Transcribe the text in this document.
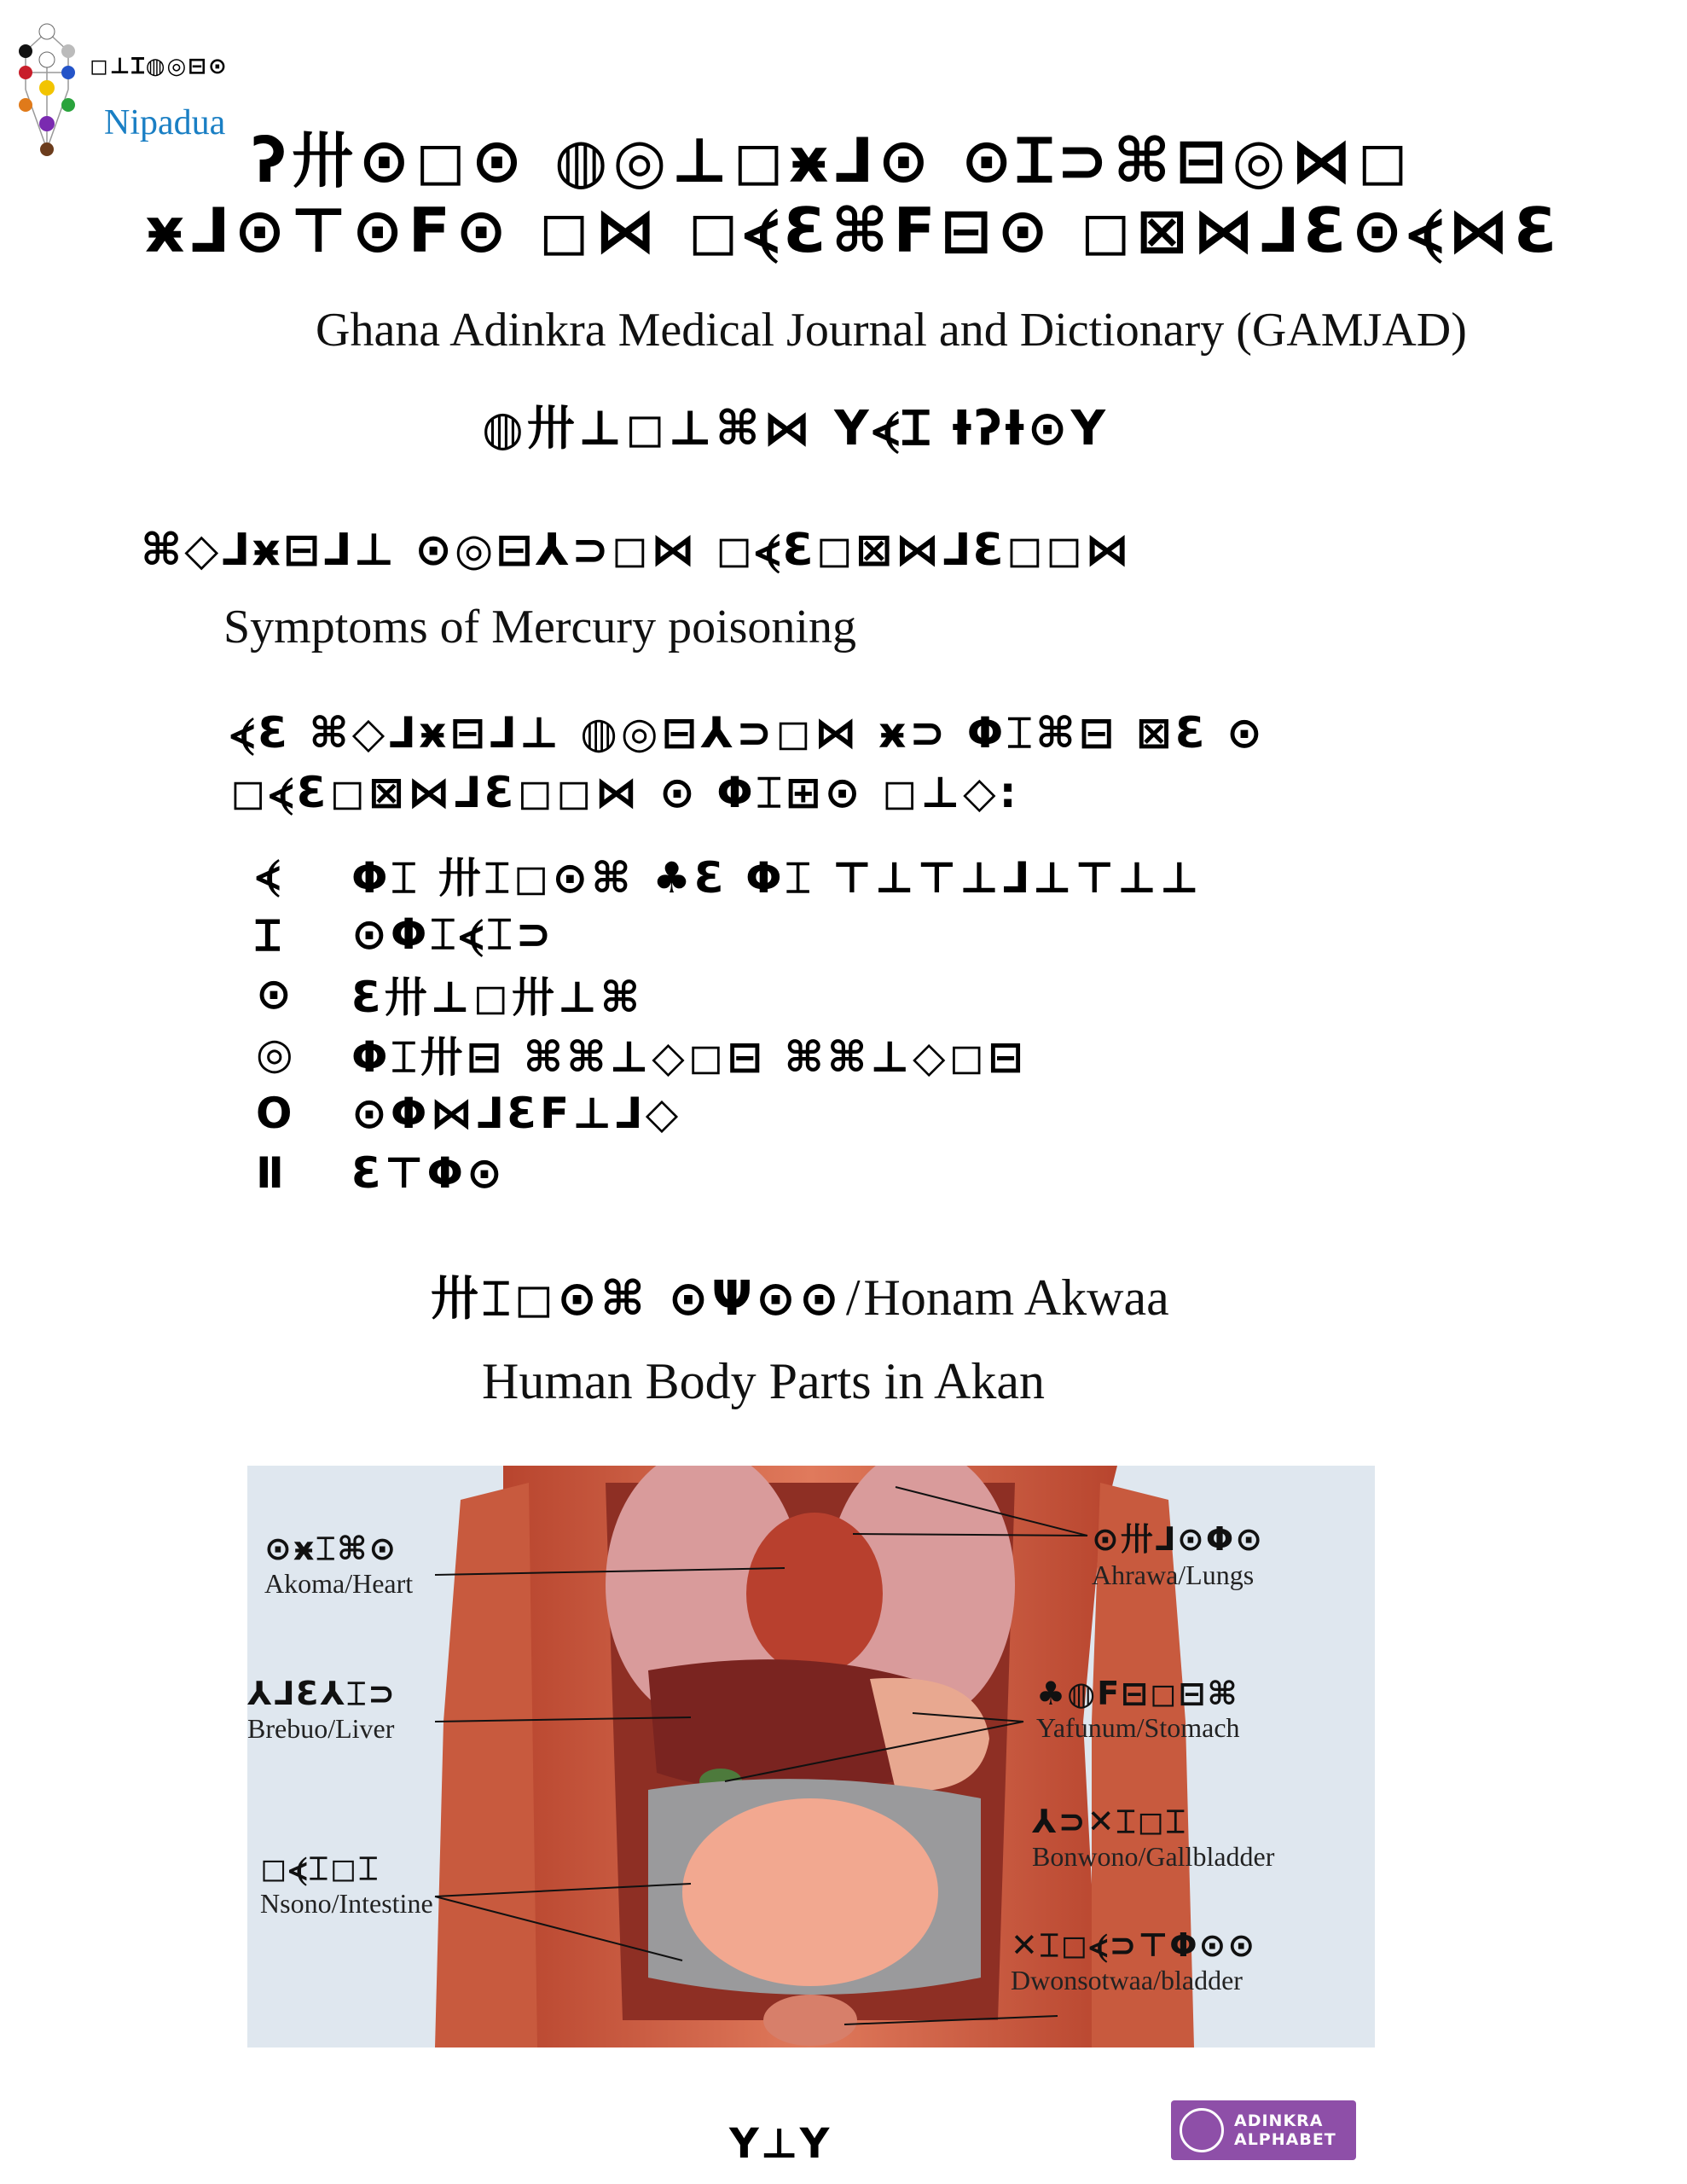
◻⊥Ɪ◍◎⊟⊙
Nipadua
ʔ卅⊙◻⊙ ◍◎⊥◻ӿ⅃⊙ ⊙Ɪ⊃⌘⊟◎⋈◻
ӿ⅃⊙⊤⊙F⊙ ◻⋈ ◻⦓Ɛ⌘F⊟⊙ ◻⊠⋈⅃Ɛ⊙⦓⋈Ɛ
Ghana Adinkra Medical Journal and Dictionary (GAMJAD)
◍卅⊥◻⊥⌘⋈ Y⦓Ɪ ƗʔƗ⊙Y
⌘◇⅃ӿ⊟⅃⊥ ⊙◎⊟⅄⊃◻⋈ ◻⦓Ɛ◻⊠⋈⅃Ɛ◻◻⋈
Symptoms of Mercury poisoning
⦓Ɛ ⌘◇⅃ӿ⊟⅃⊥ ◍◎⊟⅄⊃◻⋈ ӿ⊃ Φ⌶⌘⊟ ⊠Ɛ ⊙
◻⦓Ɛ◻⊠⋈⅃Ɛ◻◻⋈ ⊙ Φ⌶⊞⊙ ◻⊥◇:
⦓	Φ⌶ 卅⌶◻⊙⌘ ♣Ɛ Φ⌶ ⊤⊥⊤⊥⅃⊥⊤⊥⊥
Ɪ	⊙Φ⌶⦓⌶⊃
⊙	Ɛ卅⊥◻卅⊥⌘
◎	Φ⌶卅⊟ ⌘⌘⊥◇◻⊟ ⌘⌘⊥◇◻⊟
O	⊙Φ⋈⅃ƐF⊥⅃◇
Ⅱ	Ɛ⊤Φ⊙
卅⌶◻⊙⌘ ⊙Ψ⊙⊙ / Honam Akwaa
Human Body Parts in Akan
⊙ӿ⌶⌘⊙
Akoma/Heart
⊙卅⅃⊙Φ⊙
Ahrawa/Lungs
⅄⅃Ɛ⅄⌶⊃
Brebuo/Liver
♣◍F⊟◻⊟⌘
Yafunum/Stomach
⅄⊃✕⌶◻⌶
Bonwono/Gallbladder
◻⦓⌶◻⌶
Nsono/Intestine
✕⌶◻⦓⊃⊤Φ⊙⊙
Dwonsotwaa/bladder
Y⊥Y	ADINKRA
ALPHABET
